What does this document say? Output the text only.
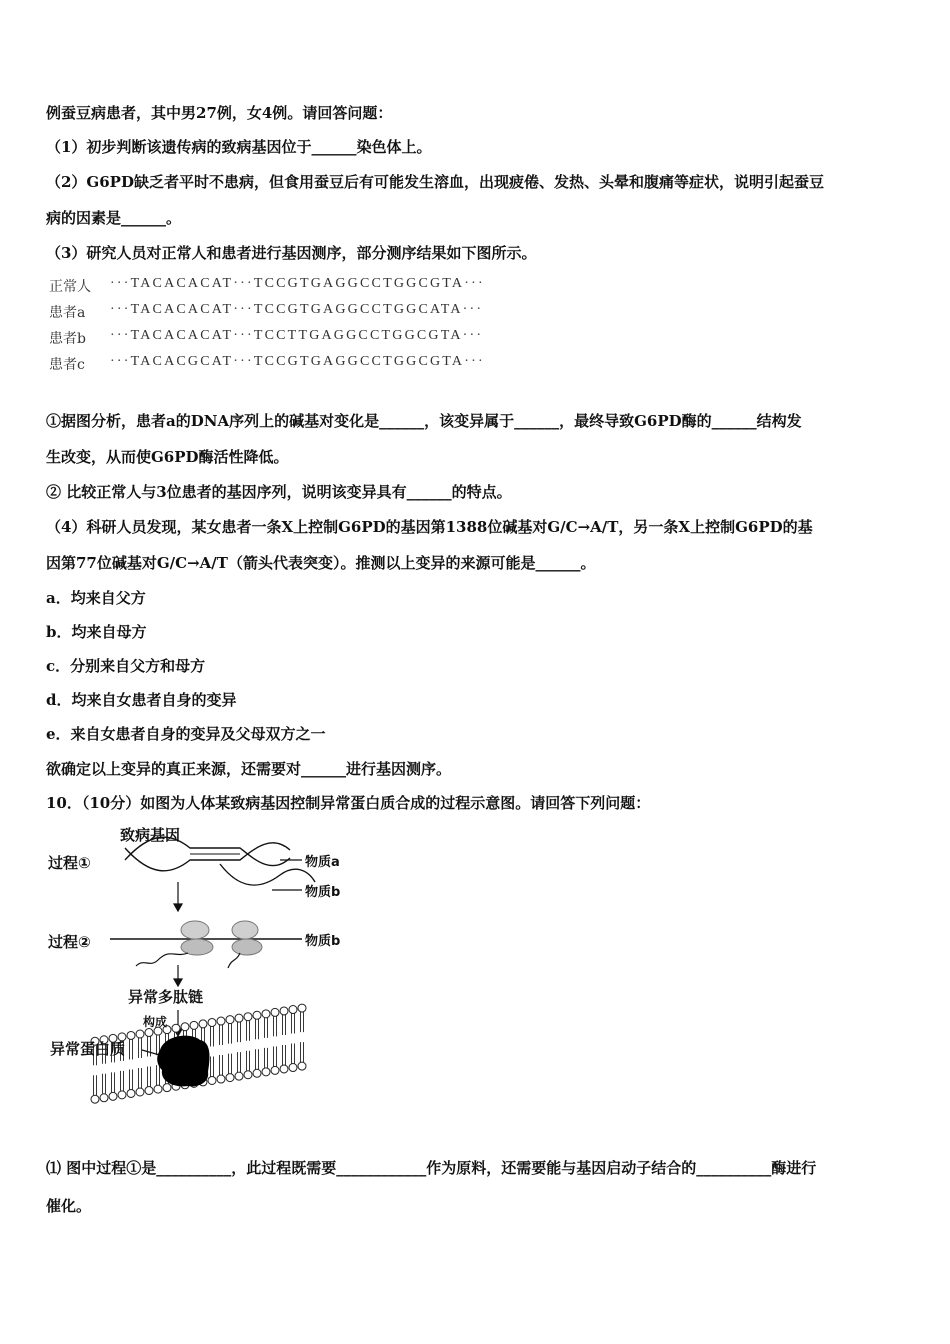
例蚕豆病患者，其中男27例，女4例。请回答问题：
（1）初步判断该遗传病的致病基因位于______染色体上。
（2）G6PD缺乏者平时不患病，但食用蚕豆后有可能发生溶血，出现疲倦、发热、头晕和腹痛等症状，说明引起蚕豆
病的因素是______。
（3）研究人员对正常人和患者进行基因测序，部分测序结果如下图所示。
正常人 ···TACACACAT···TCCGTGAGGCCTGGCGTA···
患者a ···TACACACAT···TCCGTGAGGCCTGGCATA···
患者b ···TACACACAT···TCCTTGAGGCCTGGCGTA···
患者c ···TACACGCAT···TCCGTGAGGCCTGGCGTA···
①据图分析，患者a的DNA序列上的碱基对变化是______，该变异属于______，最终导致G6PD酶的______结构发
生改变，从而使G6PD酶活性降低。
② 比较正常人与3位患者的基因序列，说明该变异具有______的特点。
（4）科研人员发现，某女患者一条X上控制G6PD的基因第1388位碱基对G/C→A/T，另一条X上控制G6PD的基
因第77位碱基对G/C→A/T（箭头代表突变）。推测以上变异的来源可能是______。
a．均来自父方
b．均来自母方
c．分别来自父方和母方
d．均来自女患者自身的变异
e．来自女患者自身的变异及父母双方之一
欲确定以上变异的真正来源，还需要对______进行基因测序。
10．（10分）如图为人体某致病基因控制异常蛋白质合成的过程示意图。请回答下列问题：
致病基因
过程①	物质a
物质b
过程②	物质b
异常多肽链
构成
异常蛋白质
⑴ 图中过程①是__________，此过程既需要____________作为原料，还需要能与基因启动子结合的__________酶进行
催化。
